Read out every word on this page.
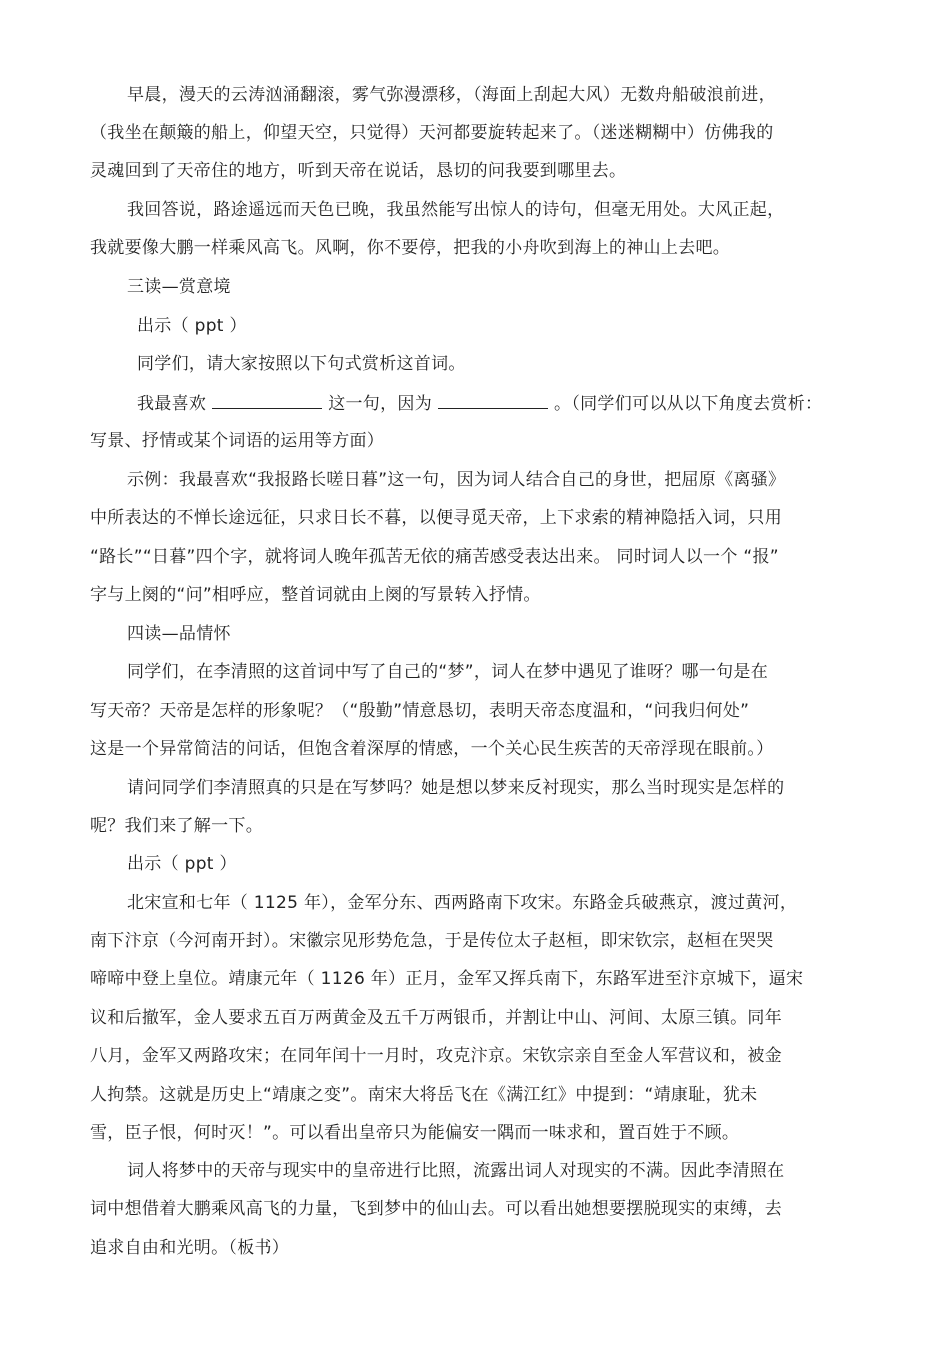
早晨，漫天的云涛汹涌翻滚，雾气弥漫漂移，（海面上刮起大风）无数舟船破浪前进，
（我坐在颠簸的船上，仰望天空，只觉得）天河都要旋转起来了。（迷迷糊糊中）仿佛我的
灵魂回到了天帝住的地方，听到天帝在说话，恳切的问我要到哪里去。
我回答说，路途遥远而天色已晚，我虽然能写出惊人的诗句，但毫无用处。大风正起，
我就要像大鹏一样乘风高飞。风啊，你不要停，把我的小舟吹到海上的神山上去吧。
三读—赏意境
出示（ ppt ）
同学们，请大家按照以下句式赏析这首词。
我最喜欢	这一句，因为	。（同学们可以从以下角度去赏析：
写景、抒情或某个词语的运用等方面）
示例：我最喜欢“我报路长嗟日暮”这一句，因为词人结合自己的身世，把屈原《离骚》
中所表达的不惮长途远征，只求日长不暮，以便寻觅天帝，上下求索的精神隐括入词，只用
“路长”“日暮”四个字，就将词人晚年孤苦无依的痛苦感受表达出来。 同时词人以一个 “报”
字与上阕的“问”相呼应，整首词就由上阕的写景转入抒情。
四读—品情怀
同学们，在李清照的这首词中写了自己的“梦”，词人在梦中遇见了谁呀？哪一句是在
写天帝？天帝是怎样的形象呢？（“殷勤”情意恳切，表明天帝态度温和，“问我归何处”
这是一个异常简洁的问话，但饱含着深厚的情感，一个关心民生疾苦的天帝浮现在眼前。）
请问同学们李清照真的只是在写梦吗？她是想以梦来反衬现实，那么当时现实是怎样的
呢？我们来了解一下。
出示（ ppt ）
北宋宣和七年（ 1125 年），金军分东、西两路南下攻宋。东路金兵破燕京，渡过黄河，
南下汴京（今河南开封）。宋徽宗见形势危急，于是传位太子赵桓，即宋钦宗，赵桓在哭哭
啼啼中登上皇位。靖康元年（ 1126 年）正月，金军又挥兵南下，东路军进至汴京城下，逼宋
议和后撤军，金人要求五百万两黄金及五千万两银币，并割让中山、河间、太原三镇。同年
八月，金军又两路攻宋；在同年闰十一月时，攻克汴京。宋钦宗亲自至金人军营议和，被金
人拘禁。这就是历史上“靖康之变”。南宋大将岳飞在《满江红》中提到：“靖康耻，犹未
雪，臣子恨，何时灭！”。可以看出皇帝只为能偏安一隅而一味求和，置百姓于不顾。
词人将梦中的天帝与现实中的皇帝进行比照，流露出词人对现实的不满。因此李清照在
词中想借着大鹏乘风高飞的力量，飞到梦中的仙山去。可以看出她想要摆脱现实的束缚，去
追求自由和光明。（板书）
